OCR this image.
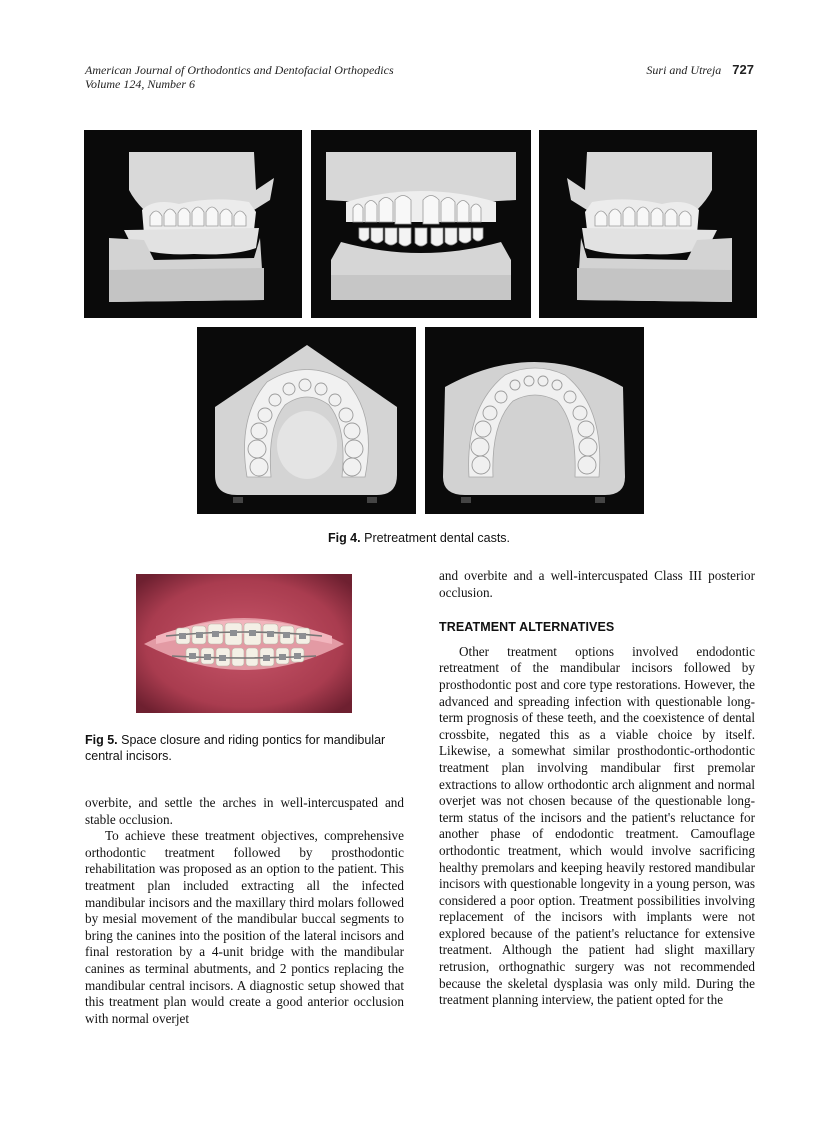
American Journal of Orthodontics and Dentofacial Orthopedics
Volume 124, Number 6
Suri and Utreja 727
Fig 4. Pretreatment dental casts.
Fig 5. Space closure and riding pontics for mandibular central incisors.

overbite, and settle the arches in well-intercuspated and stable occlusion.

To achieve these treatment objectives, comprehensive orthodontic treatment followed by prosthodontic rehabilitation was proposed as an option to the patient. This treatment plan included extracting all the infected mandibular incisors and the maxillary third molars followed by mesial movement of the mandibular buccal segments to bring the canines into the position of the lateral incisors and final restoration by a 4-unit bridge with the mandibular canines as terminal abutments, and 2 pontics replacing the mandibular central incisors. A diagnostic setup showed that this treatment plan would create a good anterior occlusion with normal overjet

and overbite and a well-intercuspated Class III posterior occlusion.

TREATMENT ALTERNATIVES

Other treatment options involved endodontic retreatment of the mandibular incisors followed by prosthodontic post and core type restorations. However, the advanced and spreading infection with questionable long-term prognosis of these teeth, and the coexistence of dental crossbite, negated this as a viable choice by itself. Likewise, a somewhat similar prosthodontic-orthodontic treatment plan involving mandibular first premolar extractions to allow orthodontic arch alignment and normal overjet was not chosen because of the questionable long-term status of the incisors and the patient's reluctance for another phase of endodontic treatment. Camouflage orthodontic treatment, which would involve sacrificing healthy premolars and keeping heavily restored mandibular incisors with questionable longevity in a young person, was considered a poor option. Treatment possibilities involving replacement of the incisors with implants were not explored because of the patient's reluctance for extensive treatment. Although the patient had slight maxillary retrusion, orthognathic surgery was not recommended because the skeletal dysplasia was only mild. During the treatment planning interview, the patient opted for the
